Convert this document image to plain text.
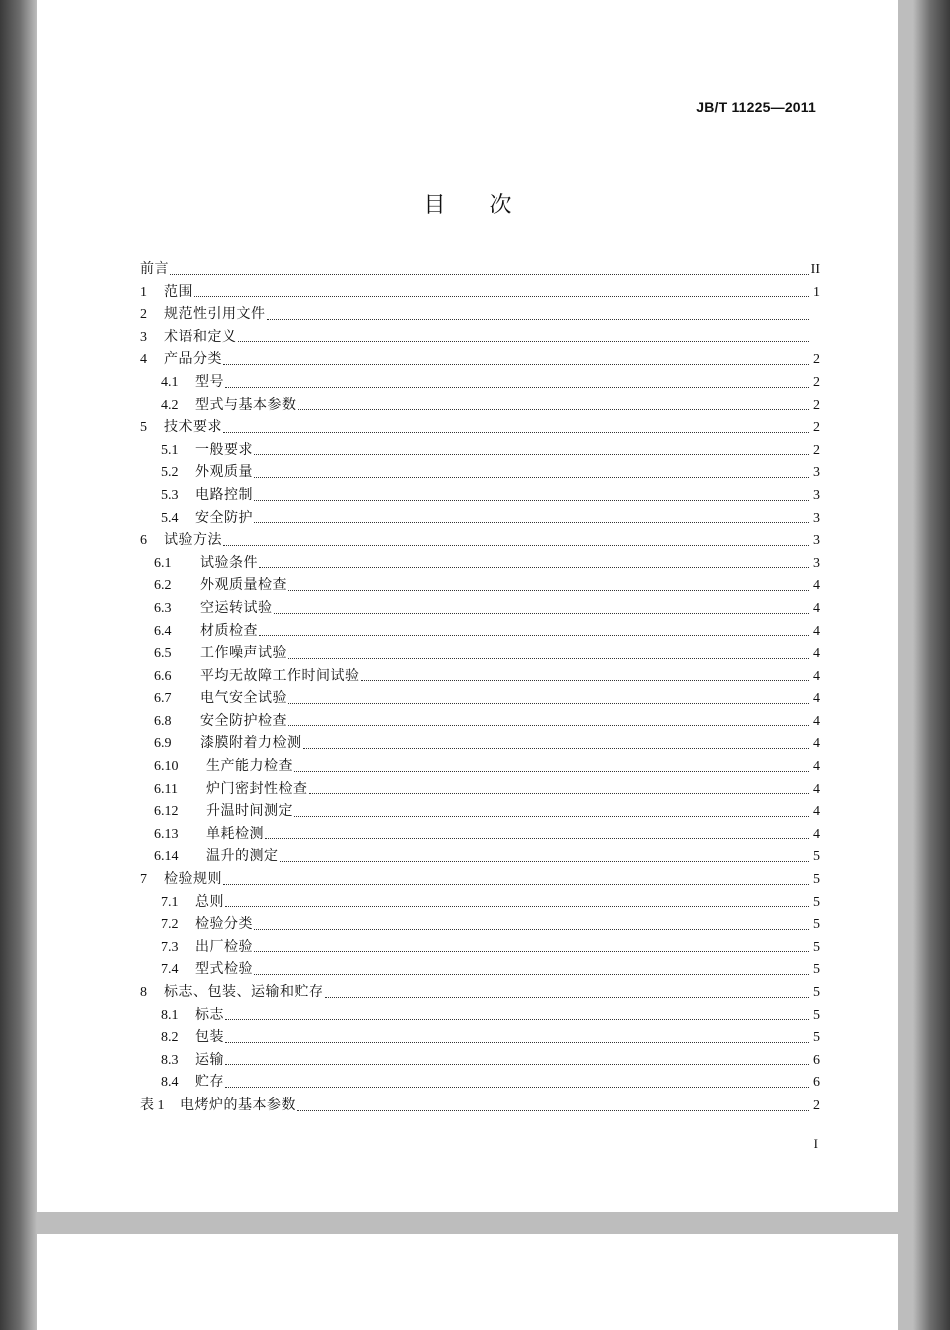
JB/T 11225—2011
目次
前言	II
1	范围	1
2	规范性引用文件
3	术语和定义
4	产品分类	2
4.1	型号	2
4.2	型式与基本参数	2
5	技术要求	2
5.1	一般要求	2
5.2	外观质量	3
5.3	电路控制	3
5.4	安全防护	3
6	试验方法	3
6.1	试验条件	3
6.2	外观质量检查	4
6.3	空运转试验	4
6.4	材质检查	4
6.5	工作噪声试验	4
6.6	平均无故障工作时间试验	4
6.7	电气安全试验	4
6.8	安全防护检查	4
6.9	漆膜附着力检测	4
6.10	生产能力检查	4
6.11	炉门密封性检查	4
6.12	升温时间测定	4
6.13	单耗检测	4
6.14	温升的测定	5
7	检验规则	5
7.1	总则	5
7.2	检验分类	5
7.3	出厂检验	5
7.4	型式检验	5
8	标志、包装、运输和贮存	5
8.1	标志	5
8.2	包装	5
8.3	运输	6
8.4	贮存	6
表 1	电烤炉的基本参数	2
I
